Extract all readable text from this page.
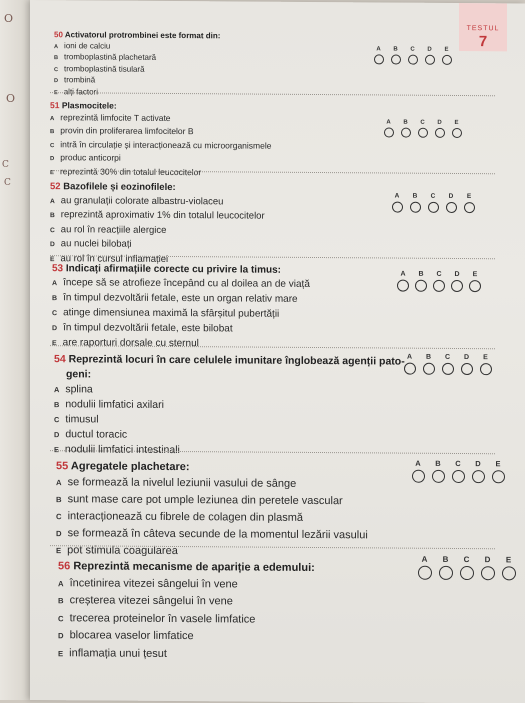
O
O
C
C
TESTUL
7
50 Activatorul protrombinei este format din:
A ioni de calciu
B tromboplastină plachetară
C tromboplastină tisulară
D trombină
E alți factori
A B C D E
51 Plasmocitele:
A reprezintă limfocite T activate
B provin din proliferarea limfocitelor B
C intră în circulație și interacționează cu microorganismele
D produc anticorpi
E reprezintă 30% din totalul leucocitelor
A B C D E
52 Bazofilele și eozinofilele:
A au granulații colorate albastru-violaceu
B reprezintă aproximativ 1% din totalul leucocitelor
C au rol în reacțiile alergice
D au nuclei bilobați
E au rol în cursul inflamației
A B C D E
53 Indicați afirmațiile corecte cu privire la timus:
A începe să se atrofieze începând cu al doilea an de viață
B în timpul dezvoltării fetale, este un organ relativ mare
C atinge dimensiunea maximă la sfârșitul pubertății
D în timpul dezvoltării fetale, este bilobat
E are raporturi dorsale cu sternul
A B C D E
54 Reprezintă locuri în care celulele imunitare înglobează agenții pato-
geni:
A splina
B nodulii limfatici axilari
C timusul
D ductul toracic
E nodulii limfatici intestinali
A B C D E
55 Agregatele plachetare:
A se formează la nivelul leziunii vasului de sânge
B sunt mase care pot umple leziunea din peretele vascular
C interacționează cu fibrele de colagen din plasmă
D se formează în câteva secunde de la momentul lezării vasului
E pot stimula coagularea
A B C D E
56 Reprezintă mecanisme de apariție a edemului:
A încetinirea vitezei sângelui în vene
B creșterea vitezei sângelui în vene
C trecerea proteinelor în vasele limfatice
D blocarea vaselor limfatice
E inflamația unui țesut
A B C D E
